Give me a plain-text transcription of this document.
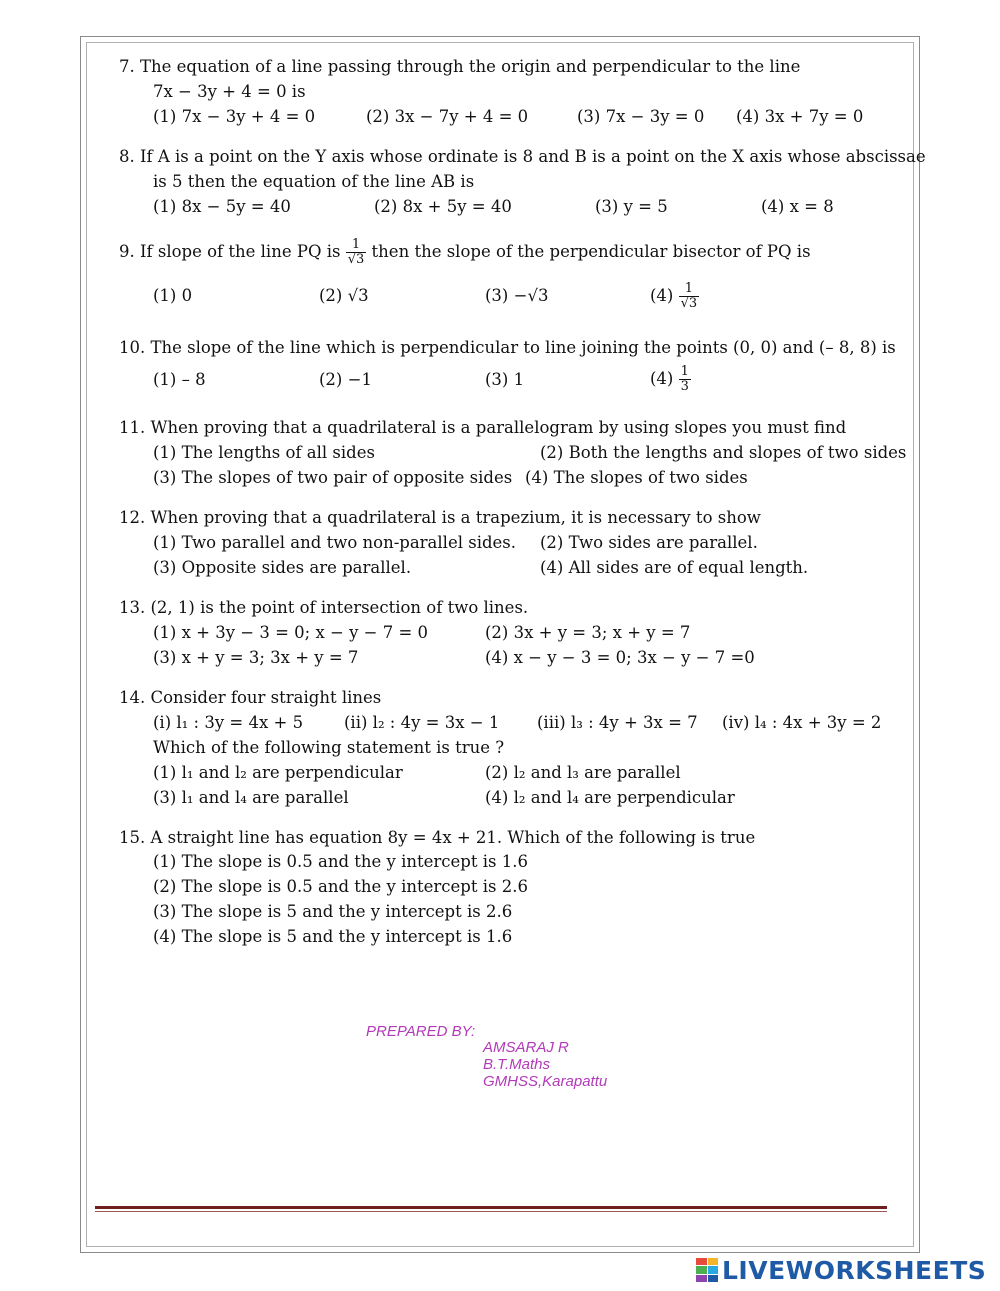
7. The equation of a line passing through the origin and perpendicular to the line
7x − 3y + 4 = 0 is
(1) 7x − 3y + 4 = 0	(2) 3x − 7y + 4 = 0	(3) 7x − 3y = 0 (4) 3x + 7y = 0
8. If A is a point on the Y axis whose ordinate is 8 and B is a point on the X axis whose abscissae
is 5 then the equation of the line AB is
(1) 8x − 5y = 40	(2) 8x + 5y = 40	(3) y = 5	(4) x = 8
9. If slope of the line PQ is $\frac{1}{√3}$ then the slope of the perpendicular bisector of PQ is
(1) 0	(2) √3	(3) −√3	$(4) \frac{1}{√3}$
10. The slope of the line which is perpendicular to line joining the points (0, 0) and (– 8, 8) is
(1) – 8	(2) −1	(3) 1	$(4) \frac{1}{3}$
11. When proving that a quadrilateral is a parallelogram by using slopes you must find
(1) The lengths of all sides	(2) Both the lengths and slopes of two sides
(3) The slopes of two pair of opposite sides (4) The slopes of two sides
12. When proving that a quadrilateral is a trapezium, it is necessary to show
(1) Two parallel and two non-parallel sides. (2) Two sides are parallel.
(3) Opposite sides are parallel.	(4) All sides are of equal length.
13. (2, 1) is the point of intersection of two lines.
(1) x + 3y − 3 = 0; x − y − 7 = 0	(2) 3x + y = 3; x + y = 7
(3) x + y = 3; 3x + y = 7	(4) x − y − 3 = 0; 3x − y − 7 =0
14. Consider four straight lines
(i) l₁ : 3y = 4x + 5 (ii) l₂ : 4y = 3x − 1 (iii) l₃ : 4y + 3x = 7 (iv) l₄ : 4x + 3y = 2
Which of the following statement is true ?
(1) l₁ and l₂ are perpendicular	(2) l₂ and l₃ are parallel
(3) l₁ and l₄ are parallel	(4) l₂ and l₄ are perpendicular
15. A straight line has equation 8y = 4x + 21. Which of the following is true
(1) The slope is 0.5 and the y intercept is 1.6
(2) The slope is 0.5 and the y intercept is 2.6
(3) The slope is 5 and the y intercept is 2.6
(4) The slope is 5 and the y intercept is 1.6
PREPARED BY:
AMSARAJ R
B.T.Maths
GMHSS,Karapattu
LIVEWORKSHEETS
